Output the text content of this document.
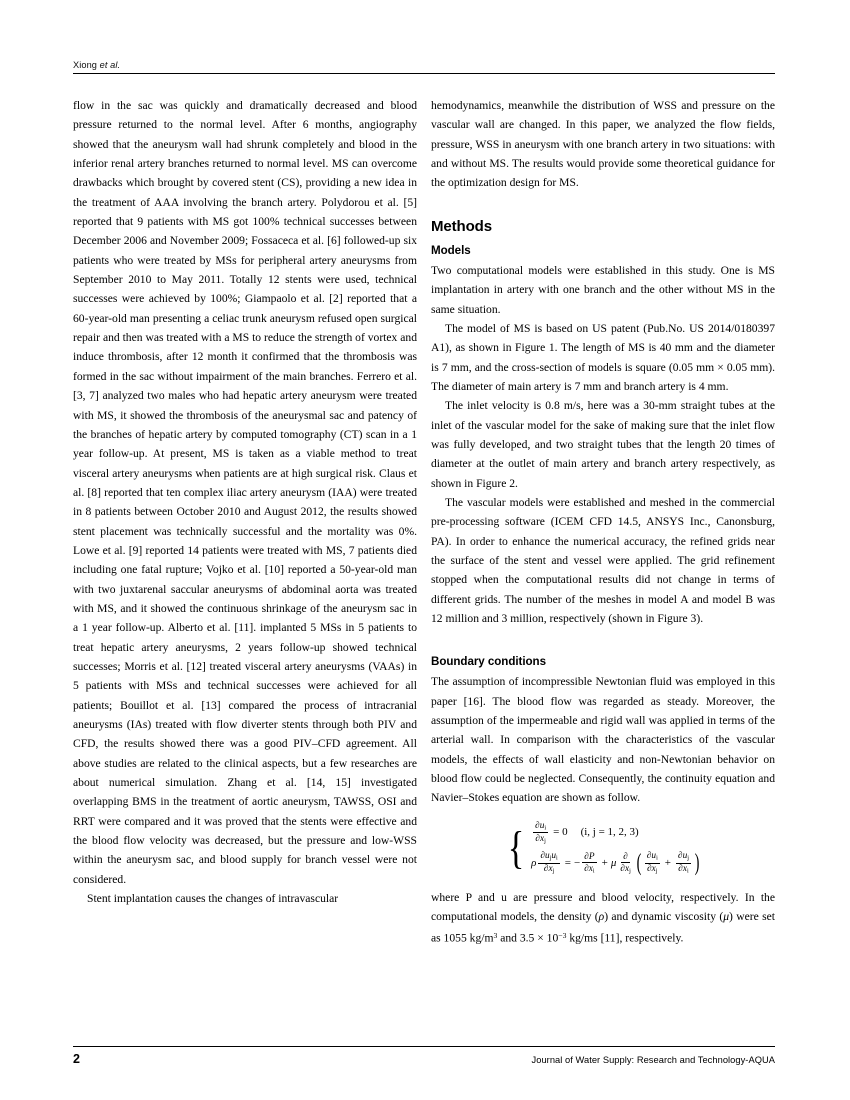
Xiong et al.

flow in the sac was quickly and dramatically decreased and blood pressure returned to the normal level. After 6 months, angiography showed that the aneurysm wall had shrunk completely and blood in the inferior renal artery branches returned to normal level. MS can overcome drawbacks which brought by covered stent (CS), providing a new idea in the treatment of AAA involving the branch artery. Polydorou et al. [5] reported that 9 patients with MS got 100% technical successes between December 2006 and November 2009; Fossaceca et al. [6] followed-up six patients who were treated by MSs for peripheral artery aneurysms from September 2010 to May 2011. Totally 12 stents were used, technical successes were achieved by 100%; Giampaolo et al. [2] reported that a 60-year-old man presenting a celiac trunk aneurysm refused open surgical repair and then was treated with a MS to reduce the strength of vortex and induce thrombosis, after 12 month it confirmed that the thrombosis was formed in the sac without impairment of the main branches. Ferrero et al. [3, 7] analyzed two males who had hepatic artery aneurysm were treated with MS, it showed the thrombosis of the aneurysmal sac and patency of the branches of hepatic artery by computed tomography (CT) scan in a 1 year follow-up. At present, MS is taken as a viable method to treat visceral artery aneurysms when patients are at high surgical risk. Claus et al. [8] reported that ten complex iliac artery aneurysm (IAA) were treated in 8 patients between October 2010 and August 2012, the results showed stent placement was technically successful and the mortality was 0%. Lowe et al. [9] reported 14 patients were treated with MS, 7 patients died including one fatal rupture; Vojko et al. [10] reported a 50-year-old man with two juxtarenal saccular aneurysms of abdominal aorta was treated with MS, and it showed the continuous shrinkage of the aneurysm sac in a 1 year follow-up. Alberto et al. [11]. implanted 5 MSs in 5 patients to treat hepatic artery aneurysms, 2 years follow-up showed technical successes; Morris et al. [12] treated visceral artery aneurysms (VAAs) in 5 patients with MSs and technical successes were achieved for all patients; Bouillot et al. [13] compared the process of intracranial aneurysms (IAs) treated with flow diverter stents through both PIV and CFD, the results showed there was a good PIV–CFD agreement. All above studies are related to the clinical aspects, but a few researches are about numerical simulation. Zhang et al. [14, 15] investigated overlapping BMS in the treatment of aortic aneurysm, TAWSS, OSI and RRT were compared and it was proved that the stents were effective and the blood flow velocity was decreased, but the pressure and low-WSS within the aneurysm sac, and blood supply for branch vessel were not considered.

Stent implantation causes the changes of intravascular

hemodynamics, meanwhile the distribution of WSS and pressure on the vascular wall are changed. In this paper, we analyzed the flow fields, pressure, WSS in aneurysm with one branch artery in two situations: with and without MS. The results would provide some theoretical guidance for the optimization design for MS.

Methods
Models

Two computational models were established in this study. One is MS implantation in artery with one branch and the other without MS in the same situation.

The model of MS is based on US patent (Pub.No. US 2014/0180397 A1), as shown in Figure 1. The length of MS is 40 mm and the diameter is 7 mm, and the cross-section of models is square (0.05 mm × 0.05 mm). The diameter of main artery is 7 mm and branch artery is 4 mm.

The inlet velocity is 0.8 m/s, here was a 30-mm straight tubes at the inlet of the vascular model for the sake of making sure that the inlet flow was fully developed, and two straight tubes that the length 20 times of diameter at the outlet of main artery and branch artery respectively, as shown in Figure 2.

The vascular models were established and meshed in the commercial pre-processing software (ICEM CFD 14.5, ANSYS Inc., Canonsburg, PA). In order to enhance the numerical accuracy, the refined grids near the surface of the stent and vessel were applied. The grid refinement stopped when the computational results did not change in terms of different grids. The number of the meshes in model A and model B was 12 million and 3 million, respectively (shown in Figure 3).

Boundary conditions

The assumption of incompressible Newtonian fluid was employed in this paper [16]. The blood flow was regarded as steady. Moreover, the assumption of the impermeable and rigid wall was applied in terms of the arterial wall. In comparison with the characteristics of the vascular models, the effects of wall elasticity and non-Newtonian behavior on blood flow could be neglected. Consequently, the continuity equation and Navier–Stokes equation are shown as follow.

{ $\frac{\partial u_i}{\partial x_j} = 0$ (i, j = 1, 2, 3)
ρ $\frac{\partial u_ju_i}{\partial x_j}$ = − $\frac{\partial P}{\partial x_i} + \mu \frac{\partial}{\partial x_j}$ ( $\frac{\partial u_i}{\partial x_j} + \frac{\partial u_j}{\partial x_i}$ )

where P and u are pressure and blood velocity, respectively. In the computational models, the density (ρ) and dynamic viscosity (μ) were set as 1055 $kg/m^3$ and $3.5 \times 10^{-3}$ kg/ms [11], respectively.

2	Journal of Water Supply: Research and Technology-AQUA
